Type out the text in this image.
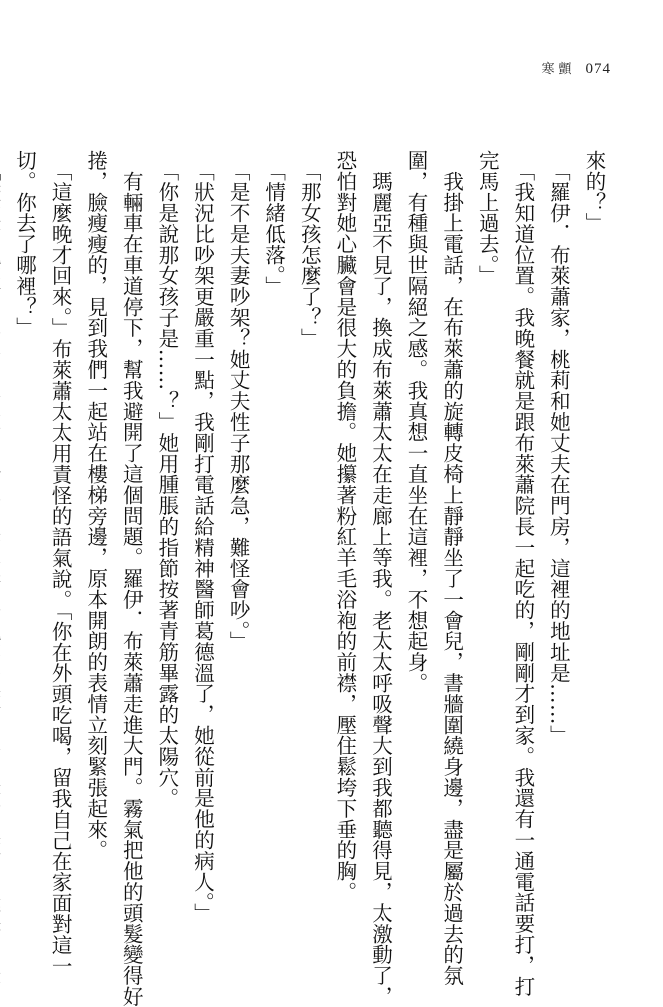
寒顫 074
來的？」
　「羅伊．布萊蕭家，桃莉和她丈夫在門房，這裡的地址是……」
　「我知道位置。我晚餐就是跟布萊蕭院長一起吃的，剛剛才到家。我還有一通電話要打，打
完馬上過去。」
　我掛上電話，在布萊蕭的旋轉皮椅上靜靜坐了一會兒，書牆圍繞身邊，盡是屬於過去的氛
圍，有種與世隔絕之感。我真想一直坐在這裡，不想起身。
　瑪麗亞不見了，換成布萊蕭太太在走廊上等我。老太太呼吸聲大到我都聽得見，太激動了，
恐怕對她心臟會是很大的負擔。她攥著粉紅羊毛浴袍的前襟，壓住鬆垮下垂的胸。
　「那女孩怎麼了？」
　「情緒低落。」
　「是不是夫妻吵架？她丈夫性子那麼急，難怪會吵。」
　「狀況比吵架更嚴重一點，我剛打電話給精神醫師葛德溫了，她從前是他的病人。」
　「你是說那女孩子是……？」她用腫脹的指節按著青筋畢露的太陽穴。
　有輛車在車道停下，幫我避開了這個問題。羅伊．布萊蕭走進大門。霧氣把他的頭髮變得好
捲，臉瘦瘦的，見到我們一起站在樓梯旁邊，原本開朗的表情立刻緊張起來。
　「這麼晚才回來。」布萊蕭太太用責怪的語氣說。「你在外頭吃喝，留我自己在家面對這一
切。你去了哪裡？」
